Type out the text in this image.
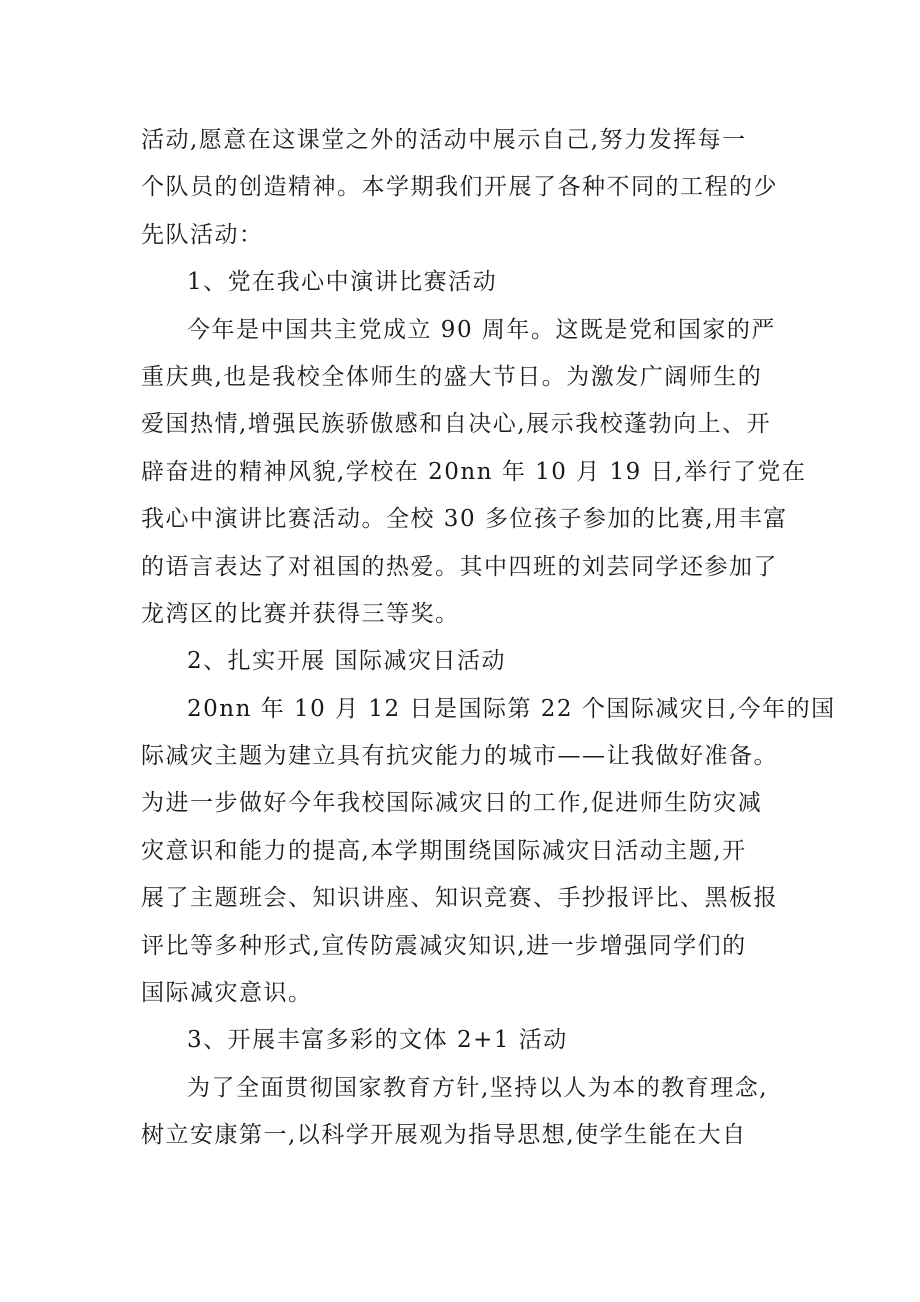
活动,愿意在这课堂之外的活动中展示自己,努力发挥每一
个队员的创造精神。本学期我们开展了各种不同的工程的少
先队活动：
1、党在我心中演讲比赛活动
今年是中国共主党成立 90 周年。这既是党和国家的严
重庆典,也是我校全体师生的盛大节日。为激发广阔师生的
爱国热情,增强民族骄傲感和自决心,展示我校蓬勃向上、开
辟奋进的精神风貌,学校在 20nn 年 10 月 19 日,举行了党在
我心中演讲比赛活动。全校 30 多位孩子参加的比赛,用丰富
的语言表达了对祖国的热爱。其中四班的刘芸同学还参加了
龙湾区的比赛并获得三等奖。
2、扎实开展 国际减灾日活动
20nn 年 10 月 12 日是国际第 22 个国际减灾日,今年的国
际减灾主题为建立具有抗灾能力的城市——让我做好准备。
为进一步做好今年我校国际减灾日的工作,促进师生防灾减
灾意识和能力的提高,本学期围绕国际减灾日活动主题,开
展了主题班会、知识讲座、知识竞赛、手抄报评比、黑板报
评比等多种形式,宣传防震减灾知识,进一步增强同学们的
国际减灾意识。
3、开展丰富多彩的文体 2+1 活动
为了全面贯彻国家教育方针,坚持以人为本的教育理念,
树立安康第一,以科学开展观为指导思想,使学生能在大自
